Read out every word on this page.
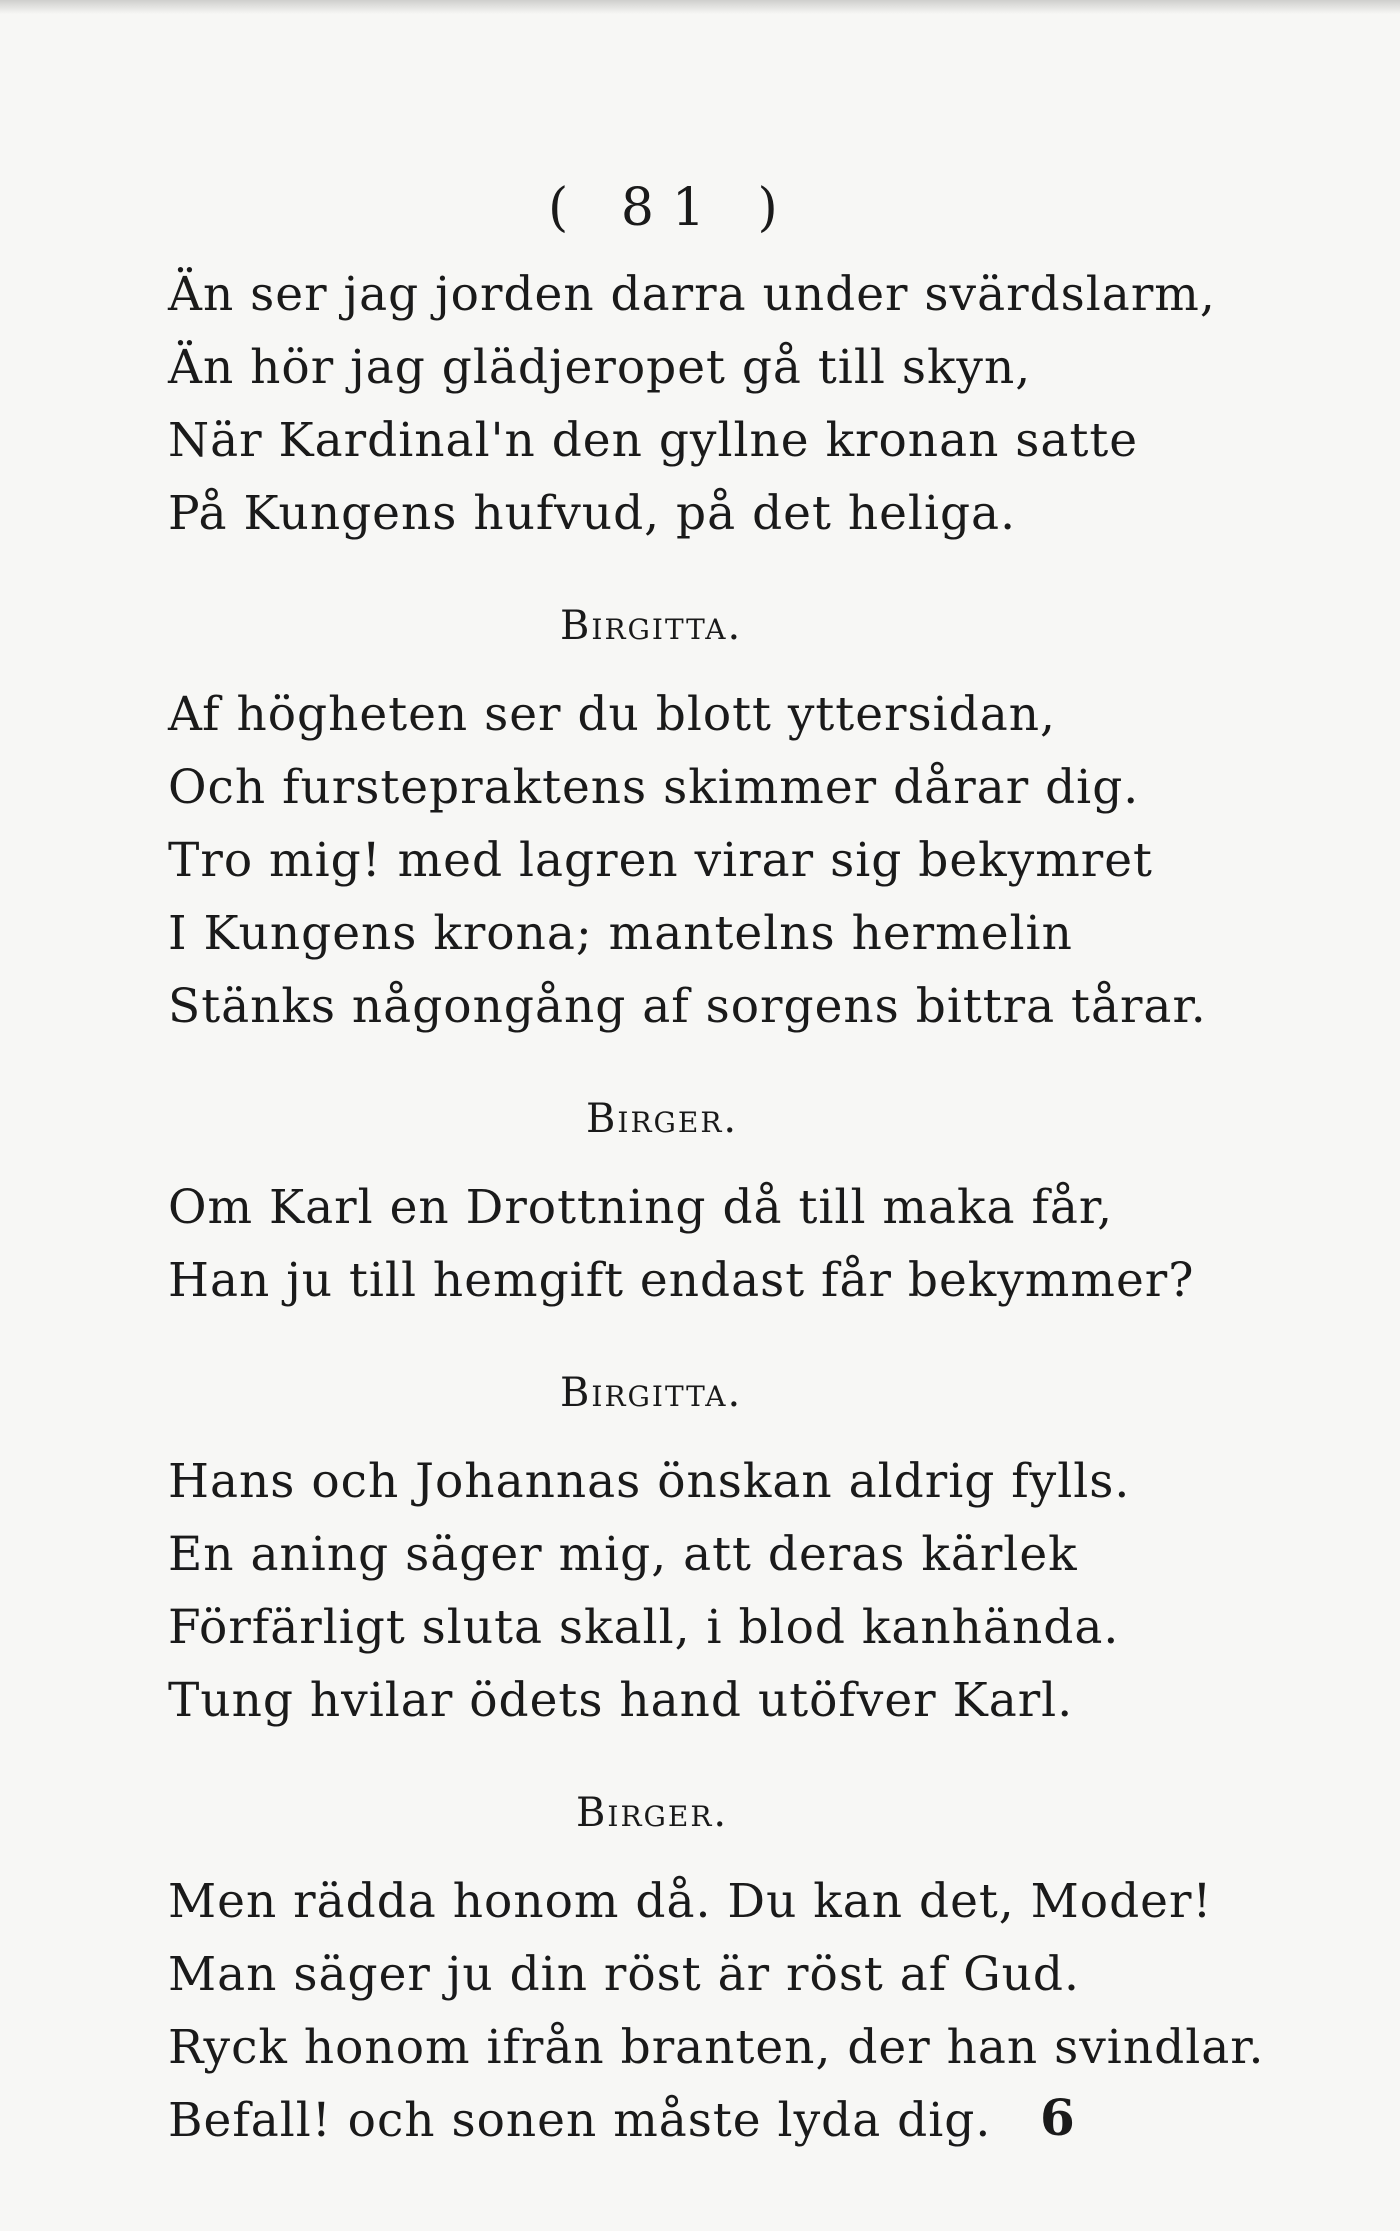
( 81 )
Än ser jag jorden darra under svärdslarm,
Än hör jag glädjeropet gå till skyn,
När Kardinal'n den gyllne kronan satte
På Kungens hufvud, på det heliga.
Birgitta.
Af högheten ser du blott yttersidan,
Och furstepraktens skimmer dårar dig.
Tro mig! med lagren virar sig bekymret
I Kungens krona; mantelns hermelin
Stänks någongång af sorgens bittra tårar.
Birger.
Om Karl en Drottning då till maka får,
Han ju till hemgift endast får bekymmer?
Birgitta.
Hans och Johannas önskan aldrig fylls.
En aning säger mig, att deras kärlek
Förfärligt sluta skall, i blod kanhända.
Tung hvilar ödets hand utöfver Karl.
Birger.
Men rädda honom då. Du kan det, Moder!
Man säger ju din röst är röst af Gud.
Ryck honom ifrån branten, der han svindlar.
Befall! och sonen måste lyda dig. 6
